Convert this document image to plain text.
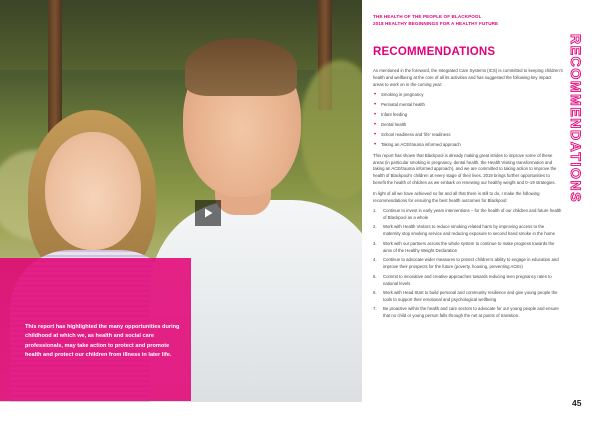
This report has highlighted the many opportunities during childhood at which we, as health and social care professionals, may take action to protect and promote health and protect our children from illness in later life.

THE HEALTH OF THE PEOPLE OF BLACKPOOL
2018 HEALTHY BEGINNINGS FOR A HEALTHY FUTURE
RECOMMENDATIONS	RECOMMENDATIONS

As mentioned in the foreword, the Integrated Care Systems (ICS) is committed to keeping children's health and wellbeing at the core of all its activities and has suggested the following key impact areas to work on in the coming year:

• Smoking in pregnancy
• Perinatal mental health
• Infant feeding
• Dental health
• School readiness and 'life' readiness
• Taking an ACE/trauma informed approach

This report has shown that Blackpool is already making great strides to improve some of these areas (in particular smoking in pregnancy, dental health, the Health Visiting transformation and taking an ACE/trauma informed approach), and we are committed to taking action to improve the health of Blackpool's children at every stage of their lives. 2019 brings further opportunities to benefit the health of children as we embark on renewing our healthy weight and 0–19 strategies.

In light of all we have achieved so far and all that there is still to do, I make the following recommendations for ensuring the best health outcomes for Blackpool:

1. Continue to invest in early years interventions – for the health of our children and future health of Blackpool as a whole
2. Work with Health Visitors to reduce smoking related harm by improving access to the maternity stop smoking service and reducing exposure to second hand smoke in the home
3. Work with our partners across the whole system to continue to make progress towards the aims of the Healthy Weight Declaration
4. Continue to advocate wider measures to protect children's ability to engage in education and improve their prospects for the future (poverty, housing, preventing ACEs)
5. Commit to innovative and creative approaches towards reducing teen pregnancy rates to national levels
6. Work with Head Start to build personal and community resilience and give young people the tools to support their emotional and psychological wellbeing
7. Be proactive within the health and care sectors to advocate for our young people and ensure that no child or young person falls through the net at points of transition.
45
